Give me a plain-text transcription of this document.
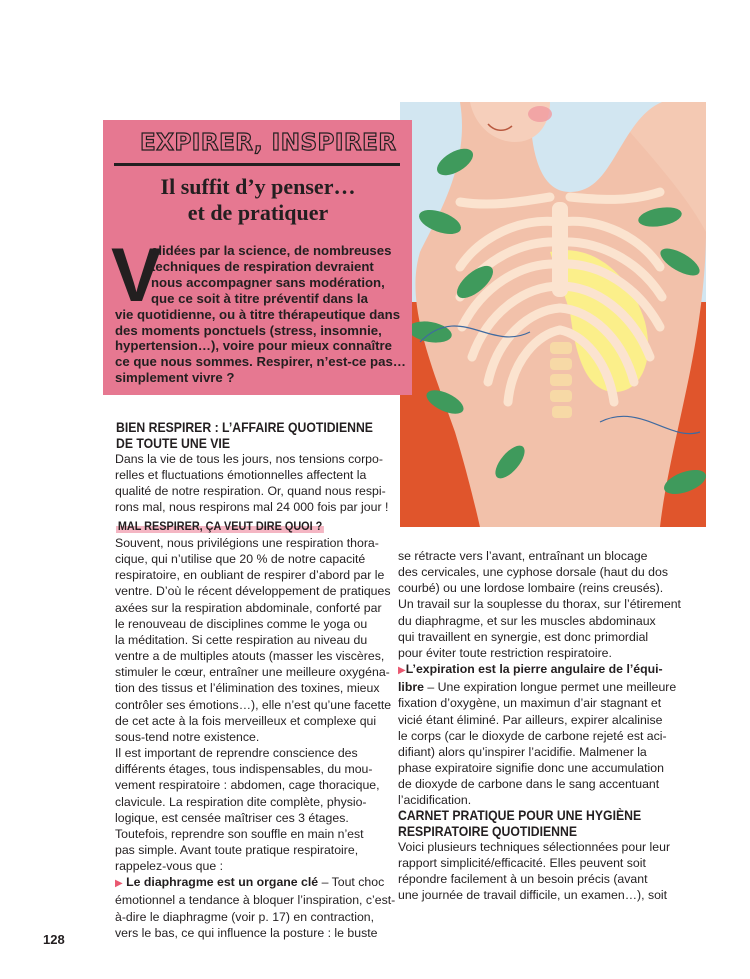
EXPIRER, INSPIRER
Il suffit d’y penser…
et de pratiquer
V
alidées par la science, de nombreuses
techniques de respiration devraient
nous accompagner sans modération,
que ce soit à titre préventif dans la
vie quotidienne, ou à titre thérapeutique dans
des moments ponctuels (stress, insomnie,
hypertension…), voire pour mieux connaître
ce que nous sommes. Respirer, n’est-ce pas…
simplement vivre ?
BIEN RESPIRER : L’AFFAIRE QUOTIDIENNE
DE TOUTE UNE VIE
Dans la vie de tous les jours, nos tensions corpo-
relles et fluctuations émotionnelles affectent la
qualité de notre respiration. Or, quand nous respi-
rons mal, nous respirons mal 24 000 fois par jour !
MAL RESPIRER, ÇA VEUT DIRE QUOI ?
Souvent, nous privilégions une respiration thora-
cique, qui n’utilise que 20 % de notre capacité
respiratoire, en oubliant de respirer d’abord par le
ventre. D’où le récent développement de pratiques
axées sur la respiration abdominale, conforté par
le renouveau de disciplines comme le yoga ou
la méditation. Si cette respiration au niveau du
ventre a de multiples atouts (masser les viscères,
stimuler le cœur, entraîner une meilleure oxygéna-
tion des tissus et l’élimination des toxines, mieux
contrôler ses émotions…), elle n’est qu’une facette
de cet acte à la fois merveilleux et complexe qui
sous-tend notre existence.
Il est important de reprendre conscience des
différents étages, tous indispensables, du mou-
vement respiratoire : abdomen, cage thoracique,
clavicule. La respiration dite complète, physio-
logique, est censée maîtriser ces 3 étages.
Toutefois, reprendre son souffle en main n’est
pas simple. Avant toute pratique respiratoire,
rappelez-vous que :
▶ Le diaphragme est un organe clé – Tout choc
émotionnel a tendance à bloquer l’inspiration, c’est-
à-dire le diaphragme (voir p. 17) en contraction,
vers le bas, ce qui influence la posture : le buste
se rétracte vers l’avant, entraînant un blocage
des cervicales, une cyphose dorsale (haut du dos
courbé) ou une lordose lombaire (reins creusés).
Un travail sur la souplesse du thorax, sur l’étirement
du diaphragme, et sur les muscles abdominaux
qui travaillent en synergie, est donc primordial
pour éviter toute restriction respiratoire.
▶L’expiration est la pierre angulaire de l’équi-
libre – Une expiration longue permet une meilleure
fixation d’oxygène, un maximun d’air stagnant et
vicié étant éliminé. Par ailleurs, expirer alcalinise
le corps (car le dioxyde de carbone rejeté est aci-
difiant) alors qu’inspirer l’acidifie. Malmener la
phase expiratoire signifie donc une accumulation
de dioxyde de carbone dans le sang accentuant
l’acidification.
CARNET PRATIQUE POUR UNE HYGIÈNE
RESPIRATOIRE QUOTIDIENNE
Voici plusieurs techniques sélectionnées pour leur
rapport simplicité/efficacité. Elles peuvent soit
répondre facilement à un besoin précis (avant
une journée de travail difficile, un examen…), soit
128
